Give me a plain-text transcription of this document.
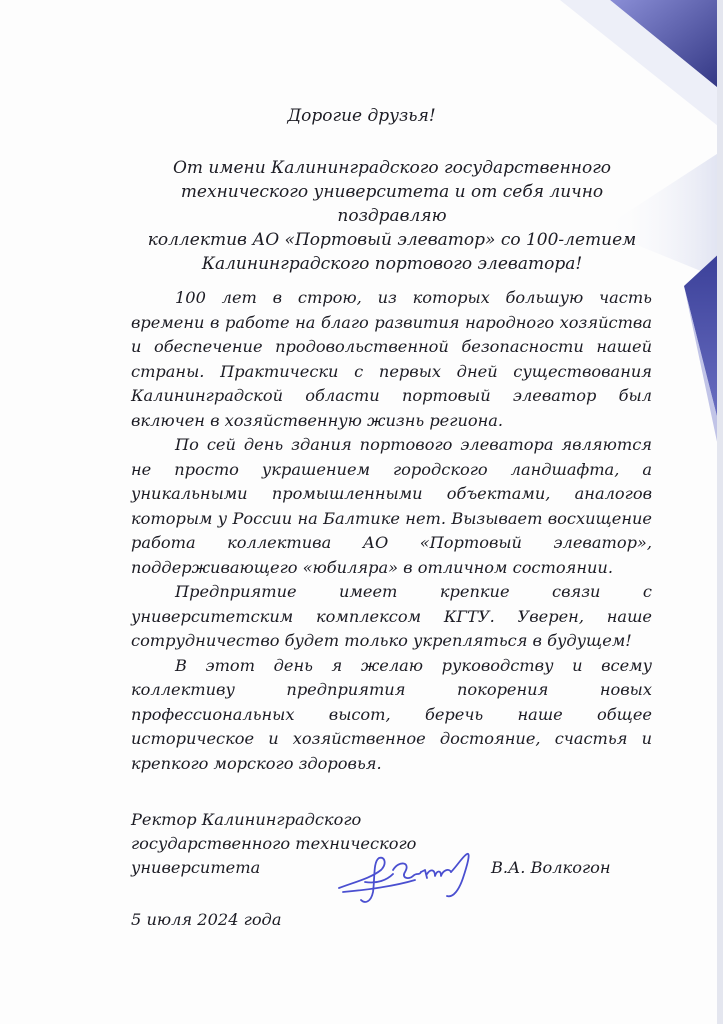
Дорогие друзья!
От имени Калининградского государственного
технического университета и от себя лично поздравляю
коллектив АО «Портовый элеватор» со 100-летием
Калининградского портового элеватора!

100 лет в строю, из которых большую часть времени в работе на благо развития народного хозяйства и обеспечение продовольственной безопасности нашей страны. Практически с первых дней существования Калининградской области портовый элеватор был включен в хозяйственную жизнь региона.

По сей день здания портового элеватора являются не просто украшением городского ландшафта, а уникальными промышленными объектами, аналогов которым у России на Балтике нет. Вызывает восхищение работа коллектива АО «Портовый элеватор», поддерживающего «юбиляра» в отличном состоянии.

Предприятие имеет крепкие связи с университетским комплексом КГТУ. Уверен, наше сотрудничество будет только укрепляться в будущем!

В этот день я желаю руководству и всему коллективу предприятия покорения новых профессиональных высот, беречь наше общее историческое и хозяйственное достояние, счастья и крепкого морского здоровья.

Ректор Калининградского
государственного технического
университета	В.А. Волкогон
5 июля 2024 года
